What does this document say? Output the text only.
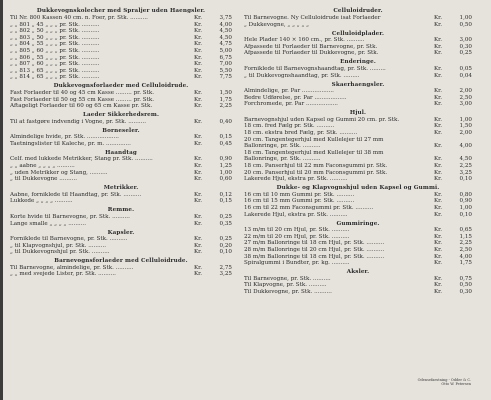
Dukkevognskolecher med Spraljer uden Haengsler.
Til Nr. 800 Kassen 40 cm. n. Foer, pr. Stk. ..........	Kr.	3,75
„ „ 801 „ 45 „ „ „ pr. Stk. ..........	Kr.	4,00
„ „ 802 „ 50 „ „ „ pr. Stk. ..........	Kr.	4,50
„ „ 803 „ 50 „ „ „ pr. Stk. ..........	Kr.	4,50
„ „ 804 „ 55 „ „ „ pr. Stk. ..........	Kr.	4,75
„ „ 805 „ 60 „ „ „ pr. Stk. ..........	Kr.	5,00
„ „ 806 „ 55 „ „ „ pr. Stk. ..........	Kr.	6,75
„ „ 807 „ 60 „ „ „ pr. Stk. ..........	Kr.	7,00
„ „ 813 „ 65 „ „ „ pr. Stk. ..........	Kr.	5,50
„ „ 814 „ 65 „ „ „ pr. Stk. ..........	Kr.	7,75
Dukkevognsforlaeder med Celluloidrude.
Fast Forlaeder til 40 og 45 cm Kasse ......... pr. Stk.	Kr.	1,50
Fast Forlaeder til 50 og 55 cm Kasse ......... pr. Stk.	Kr.	1,75
Aftageligt Forlaeder til 60 og 65 cm Kasse pr. Stk.	Kr.	2,25
Laeder Sikkerhedsrem.
Til at fastgøre indvendig i Vogne, pr. Stk. ..........	Kr.	0,40
Borneseler.
Almindelige hvide, pr. Stk. ..................	Kr.	0,15
Taetningslister til Kaleche, pr. m. ..............	Kr.	0,45
Haandtag
Celf. med lukkede Metrikker, Stang pr. Stk. ..........	Kr.	0,90
„ „ aabne „ „ „ „ ..........	Kr.	1,25
„ uden Metrikker og Stang, ..........	Kr.	1,00
„ til Dukkevogne ..........	Kr.	0,60
Metrikker.
Aabne, forniklede til Haandtag, pr. Stk. ..........	Kr.	0,12
Lukkede „ „ „ „ ..........	Kr.	0,15
Remme.
Korte hvide til Barnevogne, pr. Stk. ..........	Kr.	0,25
Lange smalle „ „ „ „ ..........	Kr.	0,35
Kapsler.
Forniklede til Barnevogne, pr. Stk. ..........	Kr.	0,25
„ til Klapvognshjul, pr. Stk. ..........	Kr.	0,20
„ til Dukkevognshjul pr. Stk. ..........	Kr.	0,10
Barnevognsforlaeder med Celluloidrude.
Til Barnevogne, almindelige, pr. Stk. ..........	Kr.	2,75
„ „ med svejede Lister, pr. Stk. ..........	Kr.	3,25
Celluloidruder.
Til Barnevogne. Ny Celluloidrude isat Forlaeder	Kr.	1,00
„ Dukkevogne, „ „ „ „ „	Kr.	0,50
Celluloidplader.
Hele Plader 140 × 160 cm., pr. Stk. ..........	Kr.	3,00
Afpassede til Forlaeder til Barnevogne, pr. Stk.	Kr.	0,30
Afpassede til Forlaeder til Dukkevogne, pr. Stk.	Kr.	0,25
Enderinge.
Forniklede til Barnevognshaandtag, pr. Stk. .........	Kr.	0,05
„ til Dukkevognshaandtag, pr. Stk. .........	Kr.	0,04
Skaerhaengsler.
Almindelige, pr. Par ..................	Kr.	2,00
Bedre Udførelse, pr. Par ..................	Kr.	2,50
Forchromede, pr. Par ..................	Kr.	3,00
Hjul.
Barnevognshjul uden Kapsel og Gummi 20 cm. pr. Stk.	Kr.	1,00
18 cm. fred Fælg pr. Stk. ..........	Kr.	1,50
18 cm. ekstra bred Fælg, pr. Stk. ..........	Kr.	2,00
20 cm. Tangentegerhjul med Kullelejer til 27 mm
Ballonringe, pr. Stk. ..........	Kr.	4,00
18 cm. Tangentegerhjul med Kullelejer til 38 mm
Ballonringe, pr. Stk. ..........	Kr.	4,50
18 cm. Panserhjul til 22 mm Faconsgummi pr. Stk.	Kr.	2,25
20 cm. Panserhjul til 20 mm Faconsgummi pr. Stk.	Kr.	3,25
Lakerede Hjul, ekstra pr. Stk. ..........	Kr.	0,10
Dukke- og Klapvognshjul uden Kapsel og Gummi.
16 cm til 10 mm Gummi pr. Stk. ..........	Kr.	0,80
16 cm til 15 mm Gummi pr. Stk. ..........	Kr.	0,90
16 cm til 22 mm Faconsgummi pr. Stk. ..........	Kr.	1,00
Lakerede Hjul, ekstra pr. Stk. ..........	Kr.	0,10
Gummiringe.
13 m/m til 20 cm Hjul, pr. Stk. ..........	Kr.	0,65
22 m/m til 20 cm Hjul, pr. Stk. ..........	Kr.	1,15
27 m/m Ballonringe til 18 cm Hjul, pr. Stk. ..........	Kr.	2,25
28 m/m Ballonringe til 20 cm Hjul, pr. Stk. ..........	Kr.	2,50
38 m/m Ballonringe til 18 cm Hjul, pr. Stk. ..........	Kr.	4,00
Spiralgummi i Bundter, pr. kg. ..........	Kr.	1,75
Aksler.
Til Barnevogne, pr. Stk. ..........	Kr.	0,75
Til Klapvogne, pr. Stk. ..........	Kr.	0,50
Til Dukkevogne, pr. Stk. ..........	Kr.	0,30
Odensefaestning - Odder & C.
Otto W. Petersen
